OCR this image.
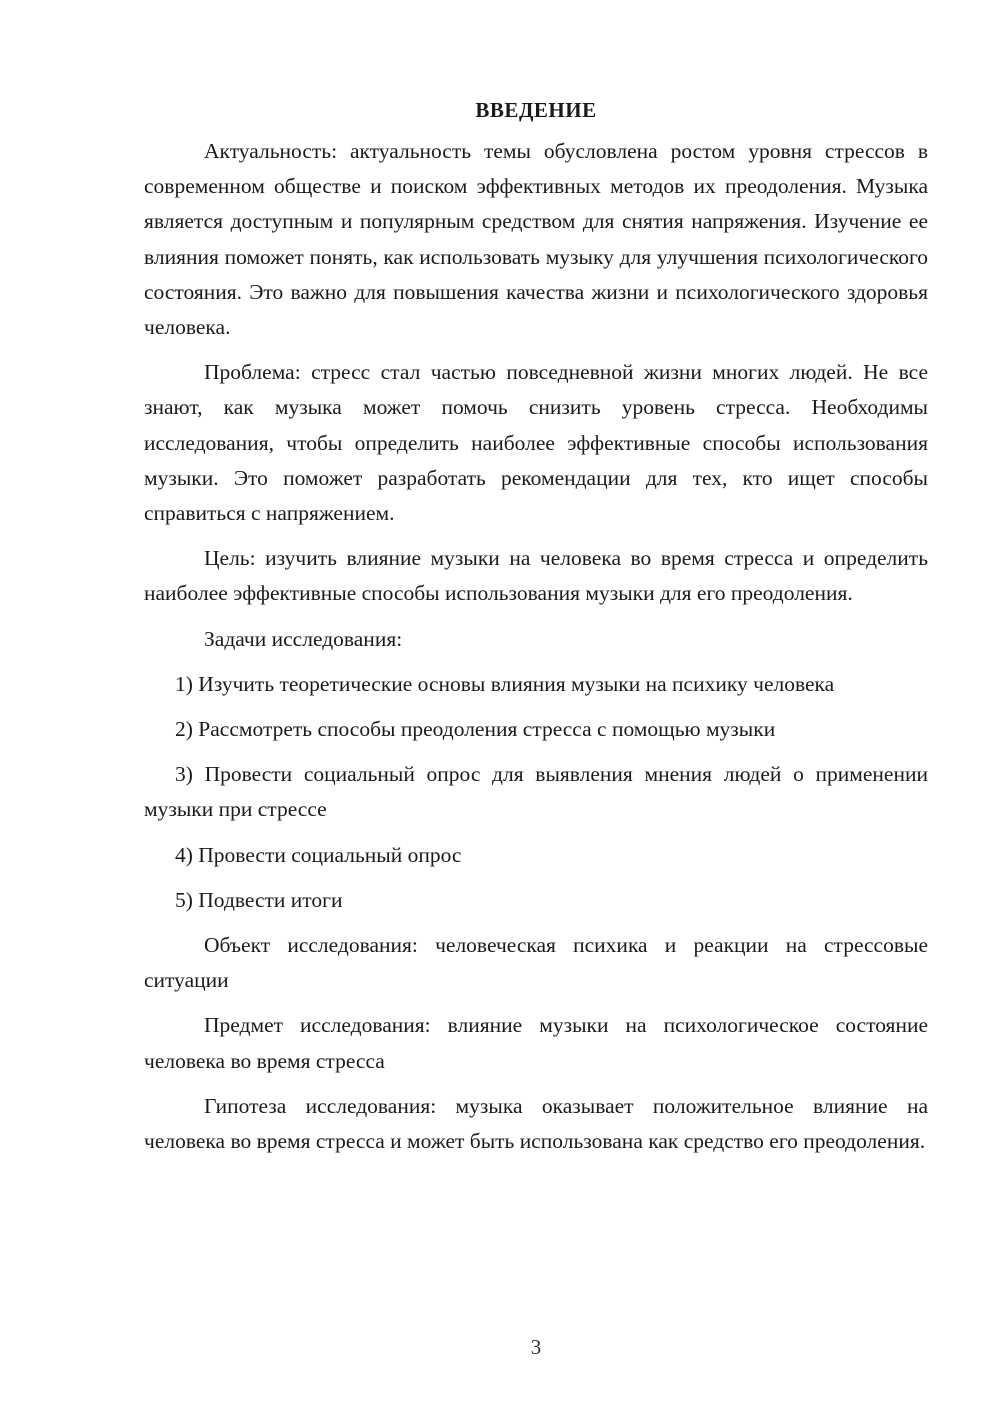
ВВЕДЕНИЕ

Актуальность: актуальность темы обусловлена ростом уровня стрессов в современном обществе и поиском эффективных методов их преодоления. Музыка является доступным и популярным средством для снятия напряжения. Изучение ее влияния поможет понять, как использовать музыку для улучшения психологического состояния. Это важно для повышения качества жизни и психологического здоровья человека.

Проблема: стресс стал частью повседневной жизни многих людей. Не все знают, как музыка может помочь снизить уровень стресса. Необходимы исследования, чтобы определить наиболее эффективные способы использования музыки. Это поможет разработать рекомендации для тех, кто ищет способы справиться с напряжением.

Цель: изучить влияние музыки на человека во время стресса и определить наиболее эффективные способы использования музыки для его преодоления.

Задачи исследования:

1) Изучить теоретические основы влияния музыки на психику человека

2) Рассмотреть способы преодоления стресса с помощью музыки

3) Провести социальный опрос для выявления мнения людей о применении музыки при стрессе

4) Провести социальный опрос

5) Подвести итоги

Объект исследования: человеческая психика и реакции на стрессовые ситуации

Предмет исследования: влияние музыки на психологическое состояние человека во время стресса

Гипотеза исследования: музыка оказывает положительное влияние на человека во время стресса и может быть использована как средство его преодоления.

3
